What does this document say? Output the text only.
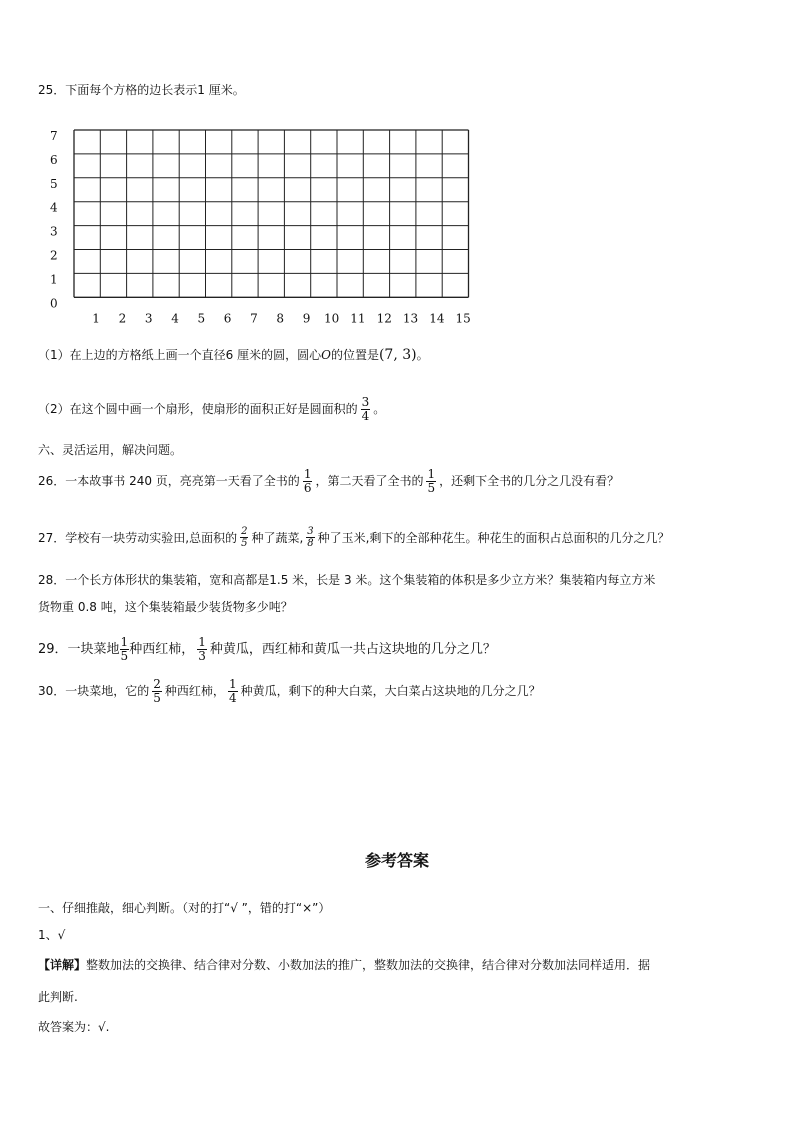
25．下面每个方格的边长表示1 厘米。
0
1
2
3
4
5
6
7
1 2 3 4 5 6 7 8 9 10 11 12 13 14 15
（1）在上边的方格纸上画一个直径6 厘米的圆，圆心O的位置是(7, 3)。
（2）在这个圆中画一个扇形，使扇形的面积正好是圆面积的 $\frac{3}{4}$ 。
六、灵活运用，解决问题。
26．一本故事书 240 页，亮亮第一天看了全书的 $\frac{1}{6}$ ，第二天看了全书的 $\frac{1}{5}$ ，还剩下全书的几分之几没有看？
27．学校有一块劳动实验田,总面积的 $\frac{2}{5}$ 种了蔬菜, $\frac{3}{8}$ 种了玉米,剩下的全部种花生。种花生的面积占总面积的几分之几？
28．一个长方体形状的集装箱，宽和高都是1.5 米，长是 3 米。这个集装箱的体积是多少立方米？集装箱内每立方米
货物重 0.8 吨，这个集装箱最少装货物多少吨？
29．一块菜地 $\frac{1}{5}$ 种西红柿， $\frac{1}{3}$ 种黄瓜，西红柿和黄瓜一共占这块地的几分之几？
30．一块菜地，它的 $\frac{2}{5}$ 种西红柿， $\frac{1}{4}$ 种黄瓜，剩下的种大白菜，大白菜占这块地的几分之几？
参考答案
一、仔细推敲，细心判断。（对的打“√ ”，错的打“×”）
1、√
【详解】整数加法的交换律、结合律对分数、小数加法的推广，整数加法的交换律，结合律对分数加法同样适用．据
此判断.
故答案为：√.
